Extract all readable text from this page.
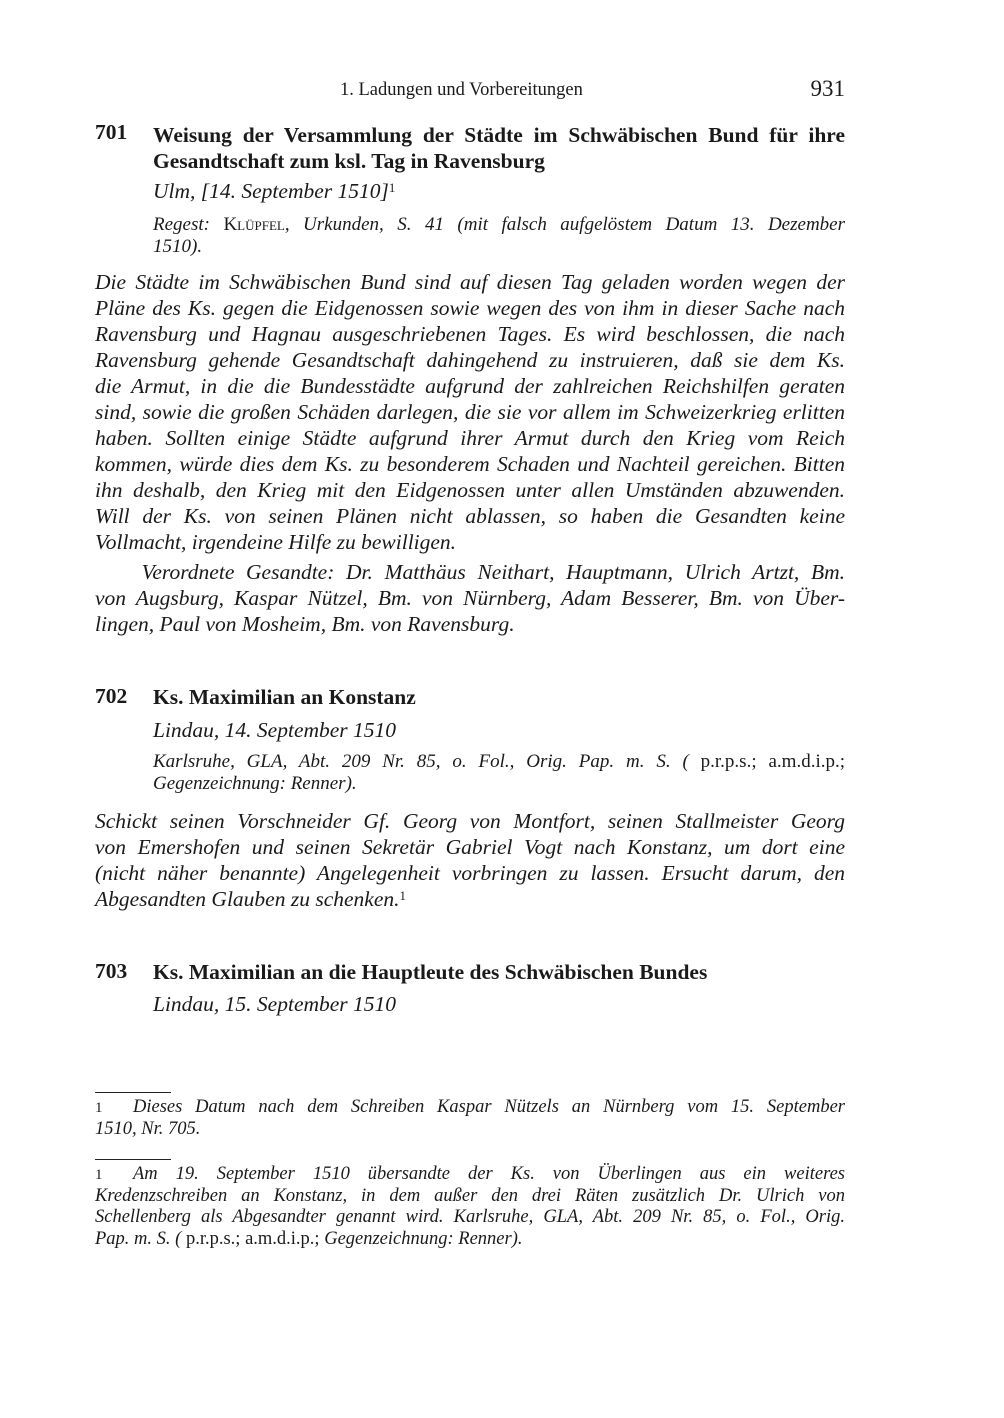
1. Ladungen und Vorbereitungen	931
701 Weisung der Versammlung der Städte im Schwäbischen Bund für ihre
Gesandtschaft zum ksl. Tag in Ravensburg
Ulm, [14. September 1510]$^1$
Regest: Klüpfel, Urkunden, S. 41 (mit falsch aufgelöstem Datum 13. Dezember
1510).
Die Städte im Schwäbischen Bund sind auf diesen Tag geladen worden wegen der
Pläne des Ks. gegen die Eidgenossen sowie wegen des von ihm in dieser Sache nach
Ravensburg und Hagnau ausgeschriebenen Tages. Es wird beschlossen, die nach
Ravensburg gehende Gesandtschaft dahingehend zu instruieren, daß sie dem Ks.
die Armut, in die die Bundesstädte aufgrund der zahlreichen Reichshilfen geraten
sind, sowie die großen Schäden darlegen, die sie vor allem im Schweizerkrieg erlitten
haben. Sollten einige Städte aufgrund ihrer Armut durch den Krieg vom Reich
kommen, würde dies dem Ks. zu besonderem Schaden und Nachteil gereichen. Bitten
ihn deshalb, den Krieg mit den Eidgenossen unter allen Umständen abzuwenden.
Will der Ks. von seinen Plänen nicht ablassen, so haben die Gesandten keine
Vollmacht, irgendeine Hilfe zu bewilligen.
Verordnete Gesandte: Dr. Matthäus Neithart, Hauptmann, Ulrich Artzt, Bm.
von Augsburg, Kaspar Nützel, Bm. von Nürnberg, Adam Besserer, Bm. von Über-
lingen, Paul von Mosheim, Bm. von Ravensburg.
702 Ks. Maximilian an Konstanz
Lindau, 14. September 1510
Karlsruhe, GLA, Abt. 209 Nr. 85, o. Fol., Orig. Pap. m. S. ( p.r.p.s.; a.m.d.i.p.;
Gegenzeichnung: Renner).
Schickt seinen Vorschneider Gf. Georg von Montfort, seinen Stallmeister Georg
von Emershofen und seinen Sekretär Gabriel Vogt nach Konstanz, um dort eine
(nicht näher benannte) Angelegenheit vorbringen zu lassen. Ersucht darum, den
Abgesandten Glauben zu schenken.$^1$
703 Ks. Maximilian an die Hauptleute des Schwäbischen Bundes
Lindau, 15. September 1510
1 Dieses Datum nach dem Schreiben Kaspar Nützels an Nürnberg vom 15. September
1510, Nr. 705.
1 Am 19. September 1510 übersandte der Ks. von Überlingen aus ein weiteres
Kredenzschreiben an Konstanz, in dem außer den drei Räten zusätzlich Dr. Ulrich von
Schellenberg als Abgesandter genannt wird. Karlsruhe, GLA, Abt. 209 Nr. 85, o. Fol., Orig.
Pap. m. S. ( p.r.p.s.; a.m.d.i.p.; Gegenzeichnung: Renner).
